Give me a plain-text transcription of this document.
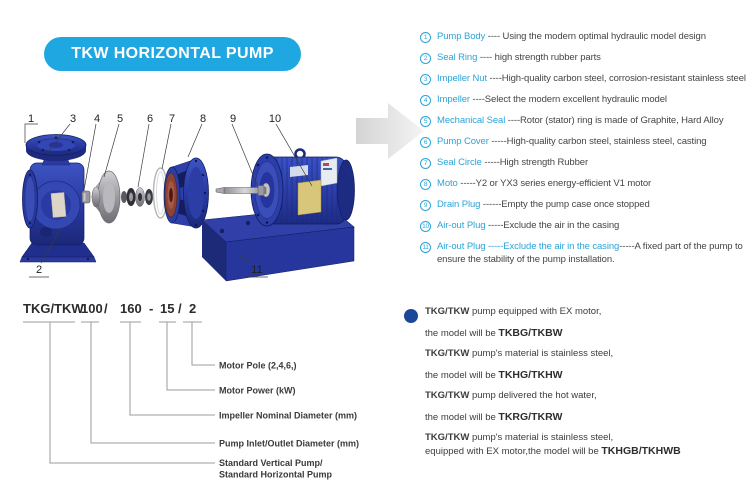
TKW HORIZONTAL PUMP
1	3 4 5 6 7 8 9	10
2	11
1	Pump Body ---- Using the modern optimal hydraulic model design
2	Seal Ring ---- high strength rubber parts
3	Impeller Nut ----High-quality carbon steel, corrosion-resistant stainless steel
4	Impeller ----Select the modern excellent hydraulic model
5	Mechanical Seal ----Rotor (stator) ring is made of Graphite, Hard Alloy
6	Pump Cover -----High-quality carbon steel, stainless steel, casting
7	Seal Circle -----High strength Rubber
8	Moto -----Y2 or YX3 series energy-efficient V1 motor
9	Drain Plug ------Empty the pump case once stopped
10 Air-out Plug -----Exclude the air in the casing
11 Air-out Plug -----Exclude the air in the casing-----A fixed part of the pump to ensure the stability of the pump installation.
TKG/TKW
100 / 160 - 15 / 2
Motor Pole (2,4,6,)
Motor Power (kW)
Impeller Nominal Diameter (mm)
Pump Inlet/Outlet Diameter (mm)
Standard Vertical Pump/
Standard Horizontal Pump
TKG/TKW pump equipped with EX motor,
the model will be TKBG/TKBW
TKG/TKW pump's material is stainless steel,
the model will be TKHG/TKHW
TKG/TKW pump delivered the hot water,
the model will be TKRG/TKRW
TKG/TKW pump's material is stainless steel,
equipped with EX motor,the model will be TKHGB/TKHWB
